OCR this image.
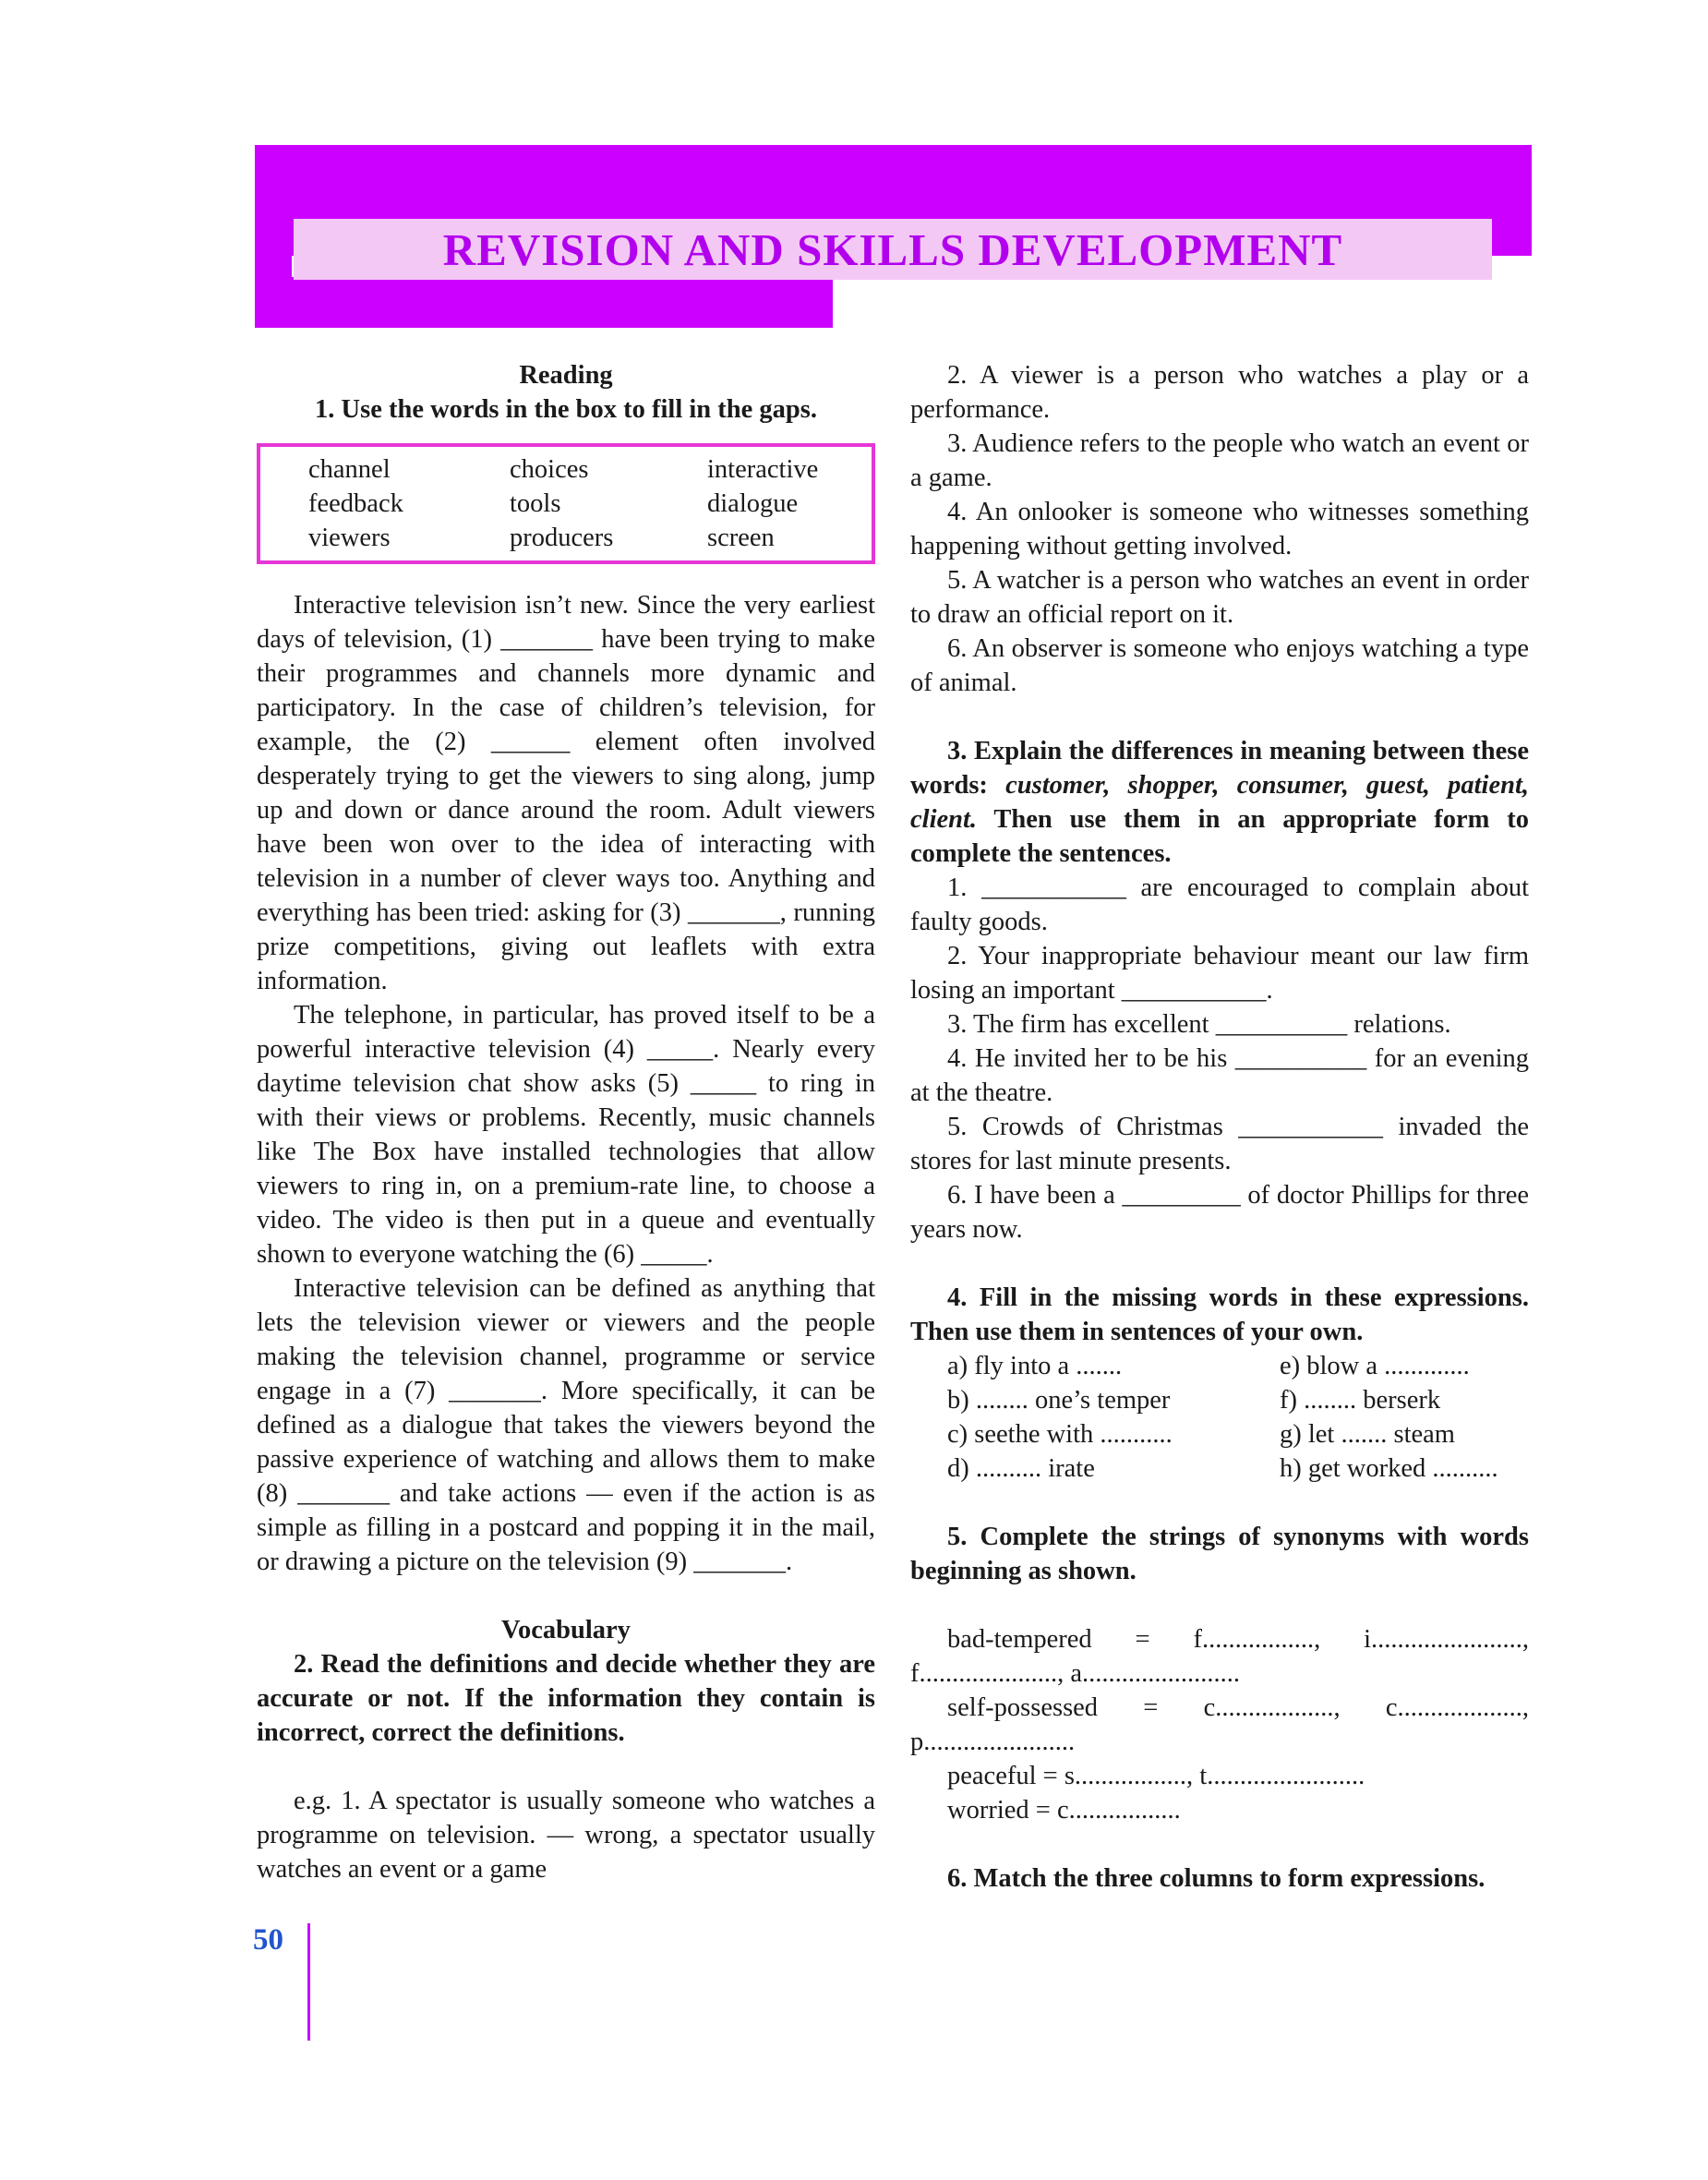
REVISION AND SKILLS DEVELOPMENT

Reading

1. Use the words in the box to fill in the gaps.

channel	choices	interactive
feedback	tools	dialogue
viewers	producers	screen

Interactive television isn’t new. Since the very earliest days of television, (1) _______ have been trying to make their programmes and channels more dynamic and participatory. In the case of children’s television, for example, the (2) ______ element often involved desperately trying to get the viewers to sing along, jump up and down or dance around the room. Adult viewers have been won over to the idea of interacting with television in a number of clever ways too. Anything and everything has been tried: asking for (3) _______, running prize competitions, giving out leaflets with extra information.

The telephone, in particular, has proved itself to be a powerful interactive television (4) _____. Nearly every daytime television chat show asks (5) _____ to ring in with their views or problems. Recently, music channels like The Box have installed technologies that allow viewers to ring in, on a premium-rate line, to choose a video. The video is then put in a queue and eventually shown to everyone watching the (6) _____.

Interactive television can be defined as anything that lets the television viewer or viewers and the people making the television channel, programme or service engage in a (7) _______. More specifically, it can be defined as a dialogue that takes the viewers beyond the passive experience of watching and allows them to make (8) _______ and take actions — even if the action is as simple as filling in a postcard and popping it in the mail, or drawing a picture on the television (9) _______.

Vocabulary

2. Read the definitions and decide whether they are accurate or not. If the information they contain is incorrect, correct the definitions.

e.g. 1. A spectator is usually someone who watches a programme on television. — wrong, a spectator usually watches an event or a game

2. A viewer is a person who watches a play or a performance.

3. Audience refers to the people who watch an event or a game.

4. An onlooker is someone who witnesses something happening without getting involved.

5. A watcher is a person who watches an event in order to draw an official report on it.

6. An observer is someone who enjoys watching a type of animal.

3. Explain the differences in meaning between these words: customer, shopper, consumer, guest, patient, client. Then use them in an appropriate form to complete the sentences.

1. ___________ are encouraged to complain about faulty goods.

2. Your inappropriate behaviour meant our law firm losing an important ___________.

3. The firm has excellent __________ relations.

4. He invited her to be his __________ for an evening at the theatre.

5. Crowds of Christmas ___________ invaded the stores for last minute presents.

6. I have been a _________ of doctor Phillips for three years now.

4. Fill in the missing words in these expressions. Then use them in sentences of your own.

a) fly into a .......	e) blow a .............
b) ........ one’s temper	f) ........ berserk
c) seethe with ...........	g) let ....... steam
d) .......... irate	h) get worked ..........

5. Complete the strings of synonyms with words beginning as shown.

bad-tempered = f................., i......................., f....................., a........................

self-possessed = c.................., c..................., p.......................

peaceful = s................., t........................

worried = c.................

6. Match the three columns to form expressions.

50
